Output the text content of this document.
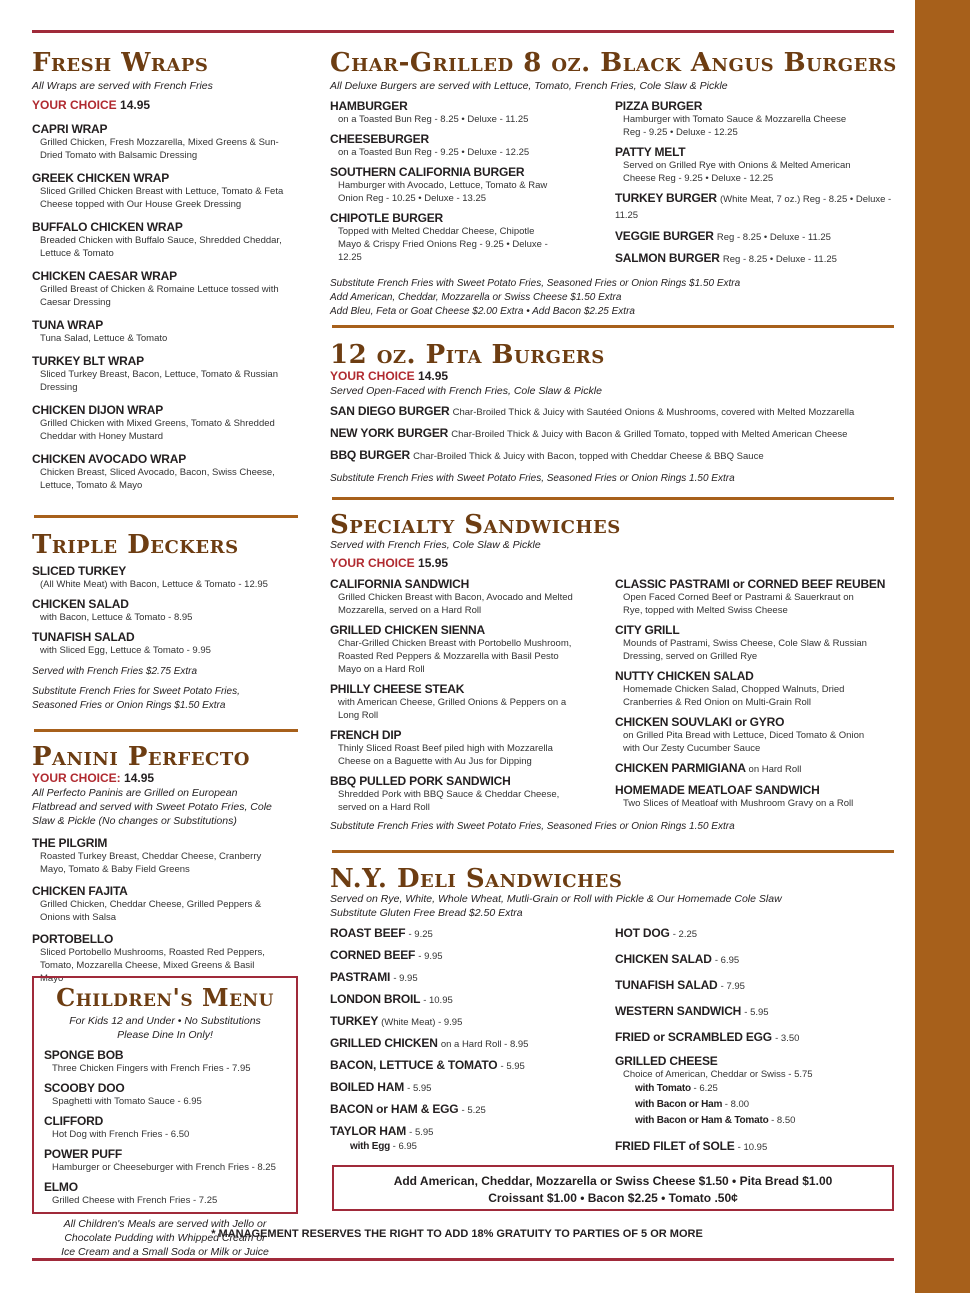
Fresh Wraps
All Wraps are served with French Fries
YOUR CHOICE 14.95
CAPRI WRAP
Grilled Chicken, Fresh Mozzarella, Mixed Greens & Sun-Dried Tomato with Balsamic Dressing
GREEK CHICKEN WRAP
Sliced Grilled Chicken Breast with Lettuce, Tomato & Feta Cheese topped with Our House Greek Dressing
BUFFALO CHICKEN WRAP
Breaded Chicken with Buffalo Sauce, Shredded Cheddar, Lettuce & Tomato
CHICKEN CAESAR WRAP
Grilled Breast of Chicken & Romaine Lettuce tossed with Caesar Dressing
TUNA WRAP
Tuna Salad, Lettuce & Tomato
TURKEY BLT WRAP
Sliced Turkey Breast, Bacon, Lettuce, Tomato & Russian Dressing
CHICKEN DIJON WRAP
Grilled Chicken with Mixed Greens, Tomato & Shredded Cheddar with Honey Mustard
CHICKEN AVOCADO WRAP
Chicken Breast, Sliced Avocado, Bacon, Swiss Cheese, Lettuce, Tomato & Mayo
Triple Deckers
SLICED TURKEY
(All White Meat) with Bacon, Lettuce & Tomato - 12.95
CHICKEN SALAD
with Bacon, Lettuce & Tomato - 8.95
TUNAFISH SALAD
with Sliced Egg, Lettuce & Tomato - 9.95
Served with French Fries $2.75 Extra
Substitute French Fries for Sweet Potato Fries, Seasoned Fries or Onion Rings $1.50 Extra
Panini Perfecto
YOUR CHOICE: 14.95
All Perfecto Paninis are Grilled on European Flatbread and served with Sweet Potato Fries, Cole Slaw & Pickle (No changes or Substitutions)
THE PILGRIM
Roasted Turkey Breast, Cheddar Cheese, Cranberry Mayo, Tomato & Baby Field Greens
CHICKEN FAJITA
Grilled Chicken, Cheddar Cheese, Grilled Peppers & Onions with Salsa
PORTOBELLO
Sliced Portobello Mushrooms, Roasted Red Peppers, Tomato, Mozzarella Cheese, Mixed Greens & Basil Mayo
Children's Menu
For Kids 12 and Under • No Substitutions Please Dine In Only!
SPONGE BOB
Three Chicken Fingers with French Fries - 7.95
SCOOBY DOO
Spaghetti with Tomato Sauce - 6.95
CLIFFORD
Hot Dog with French Fries - 6.50
POWER PUFF
Hamburger or Cheeseburger with French Fries - 8.25
ELMO
Grilled Cheese with French Fries - 7.25
All Children's Meals are served with Jello or Chocolate Pudding with Whipped Cream or Ice Cream and a Small Soda or Milk or Juice
Char-Grilled 8 oz. Black Angus Burgers
All Deluxe Burgers are served with Lettuce, Tomato, French Fries, Cole Slaw & Pickle
HAMBURGER
on a Toasted Bun Reg - 8.25 • Deluxe - 11.25
CHEESEBURGER
on a Toasted Bun Reg - 9.25 • Deluxe - 12.25
SOUTHERN CALIFORNIA BURGER
Hamburger with Avocado, Lettuce, Tomato & Raw Onion Reg - 10.25 • Deluxe - 13.25
CHIPOTLE BURGER
Topped with Melted Cheddar Cheese, Chipotle Mayo & Crispy Fried Onions Reg - 9.25 • Deluxe - 12.25
PIZZA BURGER
Hamburger with Tomato Sauce & Mozzarella Cheese Reg - 9.25 • Deluxe - 12.25
PATTY MELT
Served on Grilled Rye with Onions & Melted American Cheese Reg - 9.25 • Deluxe - 12.25
TURKEY BURGER (White Meat, 7 oz.) Reg - 8.25 • Deluxe - 11.25
VEGGIE BURGER Reg - 8.25 • Deluxe - 11.25
SALMON BURGER Reg - 8.25 • Deluxe - 11.25
Substitute French Fries with Sweet Potato Fries, Seasoned Fries or Onion Rings $1.50 Extra
Add American, Cheddar, Mozzarella or Swiss Cheese $1.50 Extra
Add Bleu, Feta or Goat Cheese $2.00 Extra • Add Bacon $2.25 Extra
12 oz. Pita Burgers
YOUR CHOICE 14.95
Served Open-Faced with French Fries, Cole Slaw & Pickle
SAN DIEGO BURGER Char-Broiled Thick & Juicy with Sautéed Onions & Mushrooms, covered with Melted Mozzarella
NEW YORK BURGER Char-Broiled Thick & Juicy with Bacon & Grilled Tomato, topped with Melted American Cheese
BBQ BURGER Char-Broiled Thick & Juicy with Bacon, topped with Cheddar Cheese & BBQ Sauce
Substitute French Fries with Sweet Potato Fries, Seasoned Fries or Onion Rings 1.50 Extra
Specialty Sandwiches
Served with French Fries, Cole Slaw & Pickle
YOUR CHOICE 15.95
CALIFORNIA SANDWICH
Grilled Chicken Breast with Bacon, Avocado and Melted Mozzarella, served on a Hard Roll
GRILLED CHICKEN SIENNA
Char-Grilled Chicken Breast with Portobello Mushroom, Roasted Red Peppers & Mozzarella with Basil Pesto Mayo on a Hard Roll
PHILLY CHEESE STEAK
with American Cheese, Grilled Onions & Peppers on a Long Roll
FRENCH DIP
Thinly Sliced Roast Beef piled high with Mozzarella Cheese on a Baguette with Au Jus for Dipping
BBQ PULLED PORK SANDWICH
Shredded Pork with BBQ Sauce & Cheddar Cheese, served on a Hard Roll
CLASSIC PASTRAMI or CORNED BEEF REUBEN
Open Faced Corned Beef or Pastrami & Sauerkraut on Rye, topped with Melted Swiss Cheese
CITY GRILL
Mounds of Pastrami, Swiss Cheese, Cole Slaw & Russian Dressing, served on Grilled Rye
NUTTY CHICKEN SALAD
Homemade Chicken Salad, Chopped Walnuts, Dried Cranberries & Red Onion on Multi-Grain Roll
CHICKEN SOUVLAKI or GYRO
on Grilled Pita Bread with Lettuce, Diced Tomato & Onion with Our Zesty Cucumber Sauce
CHICKEN PARMIGIANA on Hard Roll
HOMEMADE MEATLOAF SANDWICH
Two Slices of Meatloaf with Mushroom Gravy on a Roll
Substitute French Fries with Sweet Potato Fries, Seasoned Fries or Onion Rings 1.50 Extra
N.Y. Deli Sandwiches
Served on Rye, White, Whole Wheat, Mutli-Grain or Roll with Pickle & Our Homemade Cole Slaw
Substitute Gluten Free Bread $2.50 Extra
ROAST BEEF - 9.25
CORNED BEEF - 9.95
PASTRAMI - 9.95
LONDON BROIL - 10.95
TURKEY (White Meat) - 9.95
GRILLED CHICKEN on a Hard Roll - 8.95
BACON, LETTUCE & TOMATO - 5.95
BOILED HAM - 5.95
BACON or HAM & EGG - 5.25
TAYLOR HAM - 5.95
with Egg - 6.95
HOT DOG - 2.25
CHICKEN SALAD - 6.95
TUNAFISH SALAD - 7.95
WESTERN SANDWICH - 5.95
FRIED or SCRAMBLED EGG - 3.50
GRILLED CHEESE
Choice of American, Cheddar or Swiss - 5.75
with Tomato - 6.25
with Bacon or Ham - 8.00
with Bacon or Ham & Tomato - 8.50
FRIED FILET of SOLE - 10.95
Add American, Cheddar, Mozzarella or Swiss Cheese $1.50 • Pita Bread $1.00
Croissant $1.00 • Bacon $2.25 • Tomato .50¢
* MANAGEMENT RESERVES THE RIGHT TO ADD 18% GRATUITY TO PARTIES OF 5 OR MORE
